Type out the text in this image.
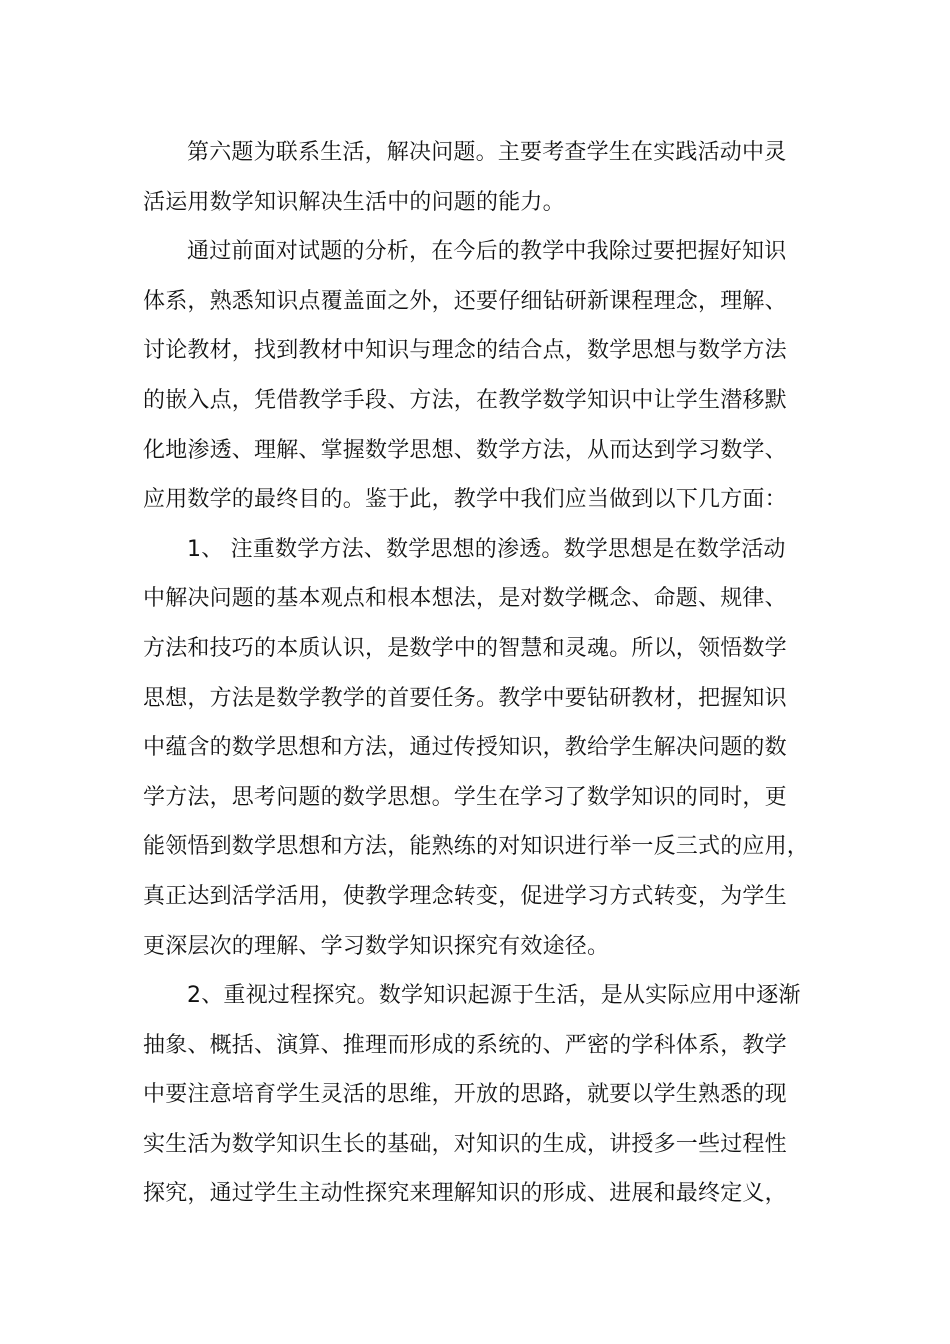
第六题为联系生活，解决问题。主要考查学生在实践活动中灵
活运用数学知识解决生活中的问题的能力。
通过前面对试题的分析，在今后的教学中我除过要把握好知识
体系，熟悉知识点覆盖面之外，还要仔细钻研新课程理念，理解、
讨论教材，找到教材中知识与理念的结合点，数学思想与数学方法
的嵌入点，凭借教学手段、方法，在教学数学知识中让学生潜移默
化地渗透、理解、掌握数学思想、数学方法，从而达到学习数学、
应用数学的最终目的。鉴于此，教学中我们应当做到以下几方面：
1、 注重数学方法、数学思想的渗透。数学思想是在数学活动
中解决问题的基本观点和根本想法，是对数学概念、命题、规律、
方法和技巧的本质认识，是数学中的智慧和灵魂。所以，领悟数学
思想，方法是数学教学的首要任务。教学中要钻研教材，把握知识
中蕴含的数学思想和方法，通过传授知识，教给学生解决问题的数
学方法，思考问题的数学思想。学生在学习了数学知识的同时，更
能领悟到数学思想和方法，能熟练的对知识进行举一反三式的应用，
真正达到活学活用，使教学理念转变，促进学习方式转变，为学生
更深层次的理解、学习数学知识探究有效途径。
2、重视过程探究。数学知识起源于生活，是从实际应用中逐渐
抽象、概括、演算、推理而形成的系统的、严密的学科体系，教学
中要注意培育学生灵活的思维，开放的思路，就要以学生熟悉的现
实生活为数学知识生长的基础，对知识的生成，讲授多一些过程性
探究，通过学生主动性探究来理解知识的形成、进展和最终定义，
